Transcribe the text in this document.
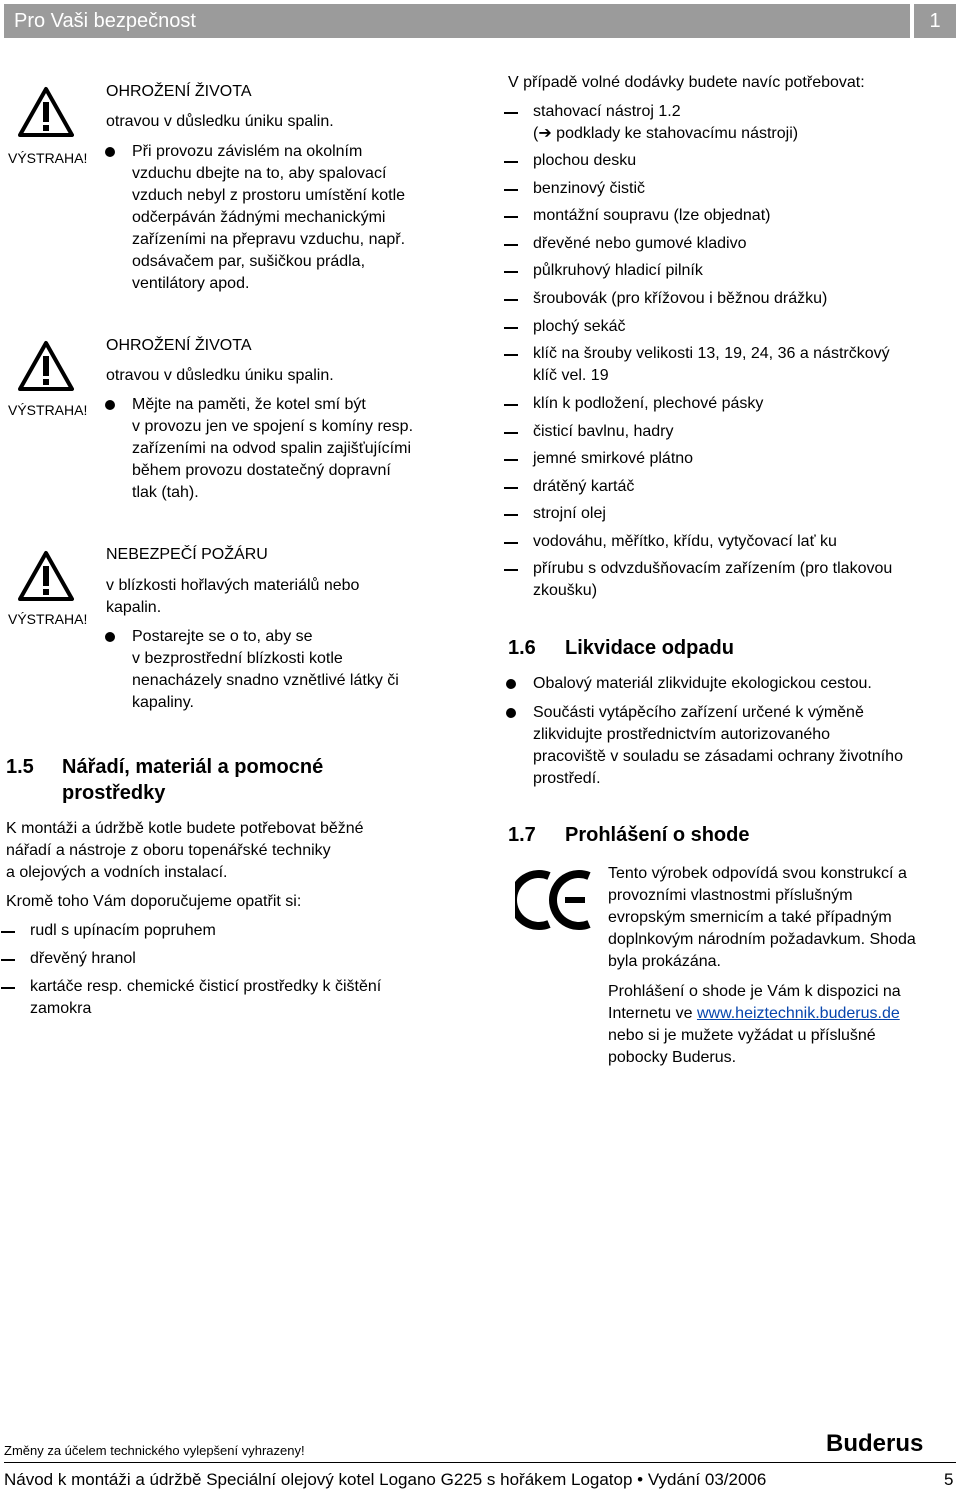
Pro Vaši bezpečnost	1
VÝSTRAHA!
OHROŽENÍ ŽIVOTA
otravou v důsledku úniku spalin.
Při provozu závislém na okolním
vzduchu dbejte na to, aby spalovací
vzduch nebyl z prostoru umístění kotle
odčerpáván žádnými mechanickými
zařízeními na přepravu vzduchu, např.
odsávačem par, sušičkou prádla,
ventilátory apod.
VÝSTRAHA!
OHROŽENÍ ŽIVOTA
otravou v důsledku úniku spalin.
Mějte na paměti, že kotel smí být
v provozu jen ve spojení s komíny resp.
zařízeními na odvod spalin zajišťujícími
během provozu dostatečný dopravní
tlak (tah).
VÝSTRAHA!
NEBEZPEČÍ POŽÁRU
v blízkosti hořlavých materiálů nebo
kapalin.
Postarejte se o to, aby se
v bezprostřední blízkosti kotle
nenacházely snadno vznětlivé látky či
kapaliny.
1.5 Nářadí, materiál a pomocné
prostředky
K montáži a údržbě kotle budete potřebovat běžné
nářadí a nástroje z oboru topenářské techniky
a olejových a vodních instalací.
Kromě toho Vám doporučujeme opatřit si:
rudl s upínacím popruhem
dřevěný hranol
kartáče resp. chemické čisticí prostředky k čištění
zamokra
V případě volné dodávky budete navíc potřebovat:
stahovací nástroj 1.2
(➔ podklady ke stahovacímu nástroji)
plochou desku
benzinový čistič
montážní soupravu (lze objednat)
dřevěné nebo gumové kladivo
půlkruhový hladicí pilník
šroubovák (pro křížovou i běžnou drážku)
plochý sekáč
klíč na šrouby velikosti 13, 19, 24, 36 a nástrčkový
klíč vel. 19
klín k podložení, plechové pásky
čisticí bavlnu, hadry
jemné smirkové plátno
drátěný kartáč
strojní olej
vodováhu, měřítko, křídu, vytyčovací lať ku
přírubu s odvzdušňovacím zařízením (pro tlakovou
zkoušku)
1.6 Likvidace odpadu
Obalový materiál zlikvidujte ekologickou cestou.
Součásti vytápěcího zařízení určené k výměně
zlikvidujte prostřednictvím autorizovaného
pracoviště v souladu se zásadami ochrany životního
prostředí.
1.7 Prohlášení o shode
Tento výrobek odpovídá svou konstrukcí a
provozními vlastnostmi příslušným
evropským smernicím a také případným
doplnkovým národním požadavkum. Shoda
byla prokázána.
Prohlášení o shode je Vám k dispozici na
Internetu ve www.heiztechnik.buderus.de
nebo si je mužete vyžádat u příslušné
pobocky Buderus.
Změny za účelem technického vylepšení vyhrazeny!	Buderus
Návod k montáži a údržbě Speciální olejový kotel Logano G225 s hořákem Logatop • Vydání 03/2006	5
